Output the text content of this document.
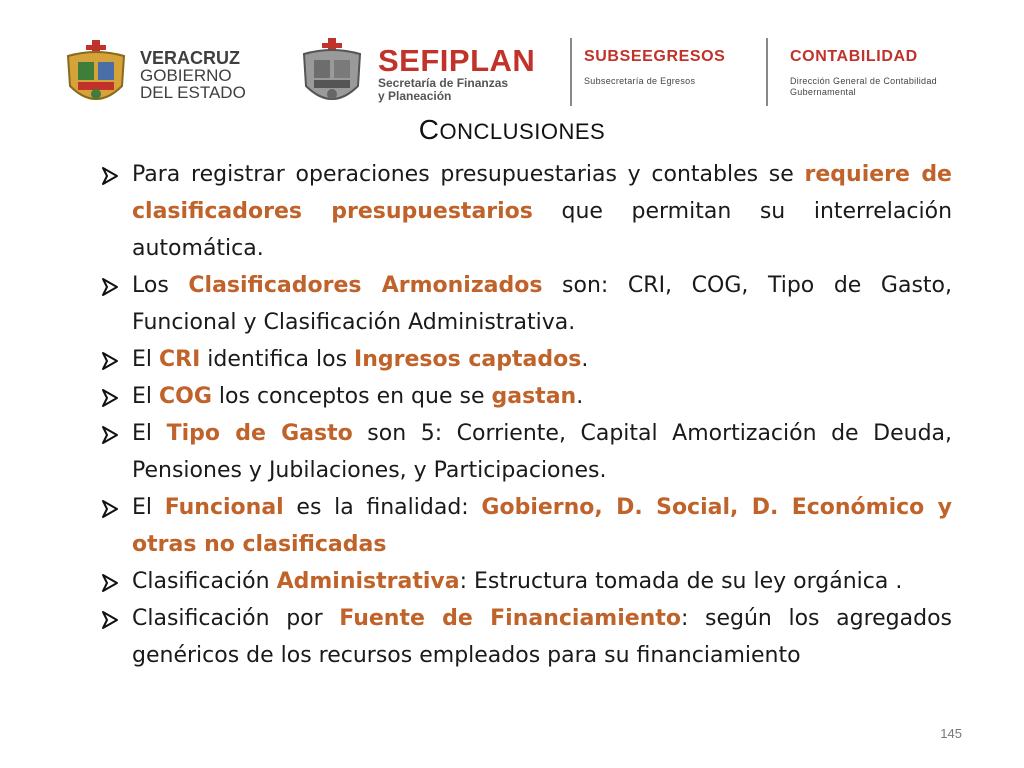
VERACRUZ
GOBIERNO
DEL ESTADO
SEFIPLAN
Secretaría de Finanzas
y Planeación
SUBSEEGRESOS
Subsecretaría de Egresos
CONTABILIDAD
Dirección General de Contabilidad
Gubernamental
CONCLUSIONES
Para registrar operaciones presupuestarias y contables se requiere de clasificadores presupuestarios que permitan su interrelación automática.
Los Clasificadores Armonizados son: CRI, COG, Tipo de Gasto, Funcional y Clasificación Administrativa.
El CRI identifica los Ingresos captados.
El COG los conceptos en que se gastan.
El Tipo de Gasto son 5: Corriente, Capital Amortización de Deuda, Pensiones y Jubilaciones, y Participaciones.
El Funcional es la finalidad: Gobierno, D. Social, D. Económico y otras no clasificadas
Clasificación Administrativa: Estructura tomada de su ley orgánica .
Clasificación por Fuente de Financiamiento: según los agregados genéricos de los recursos empleados para su financiamiento
145
